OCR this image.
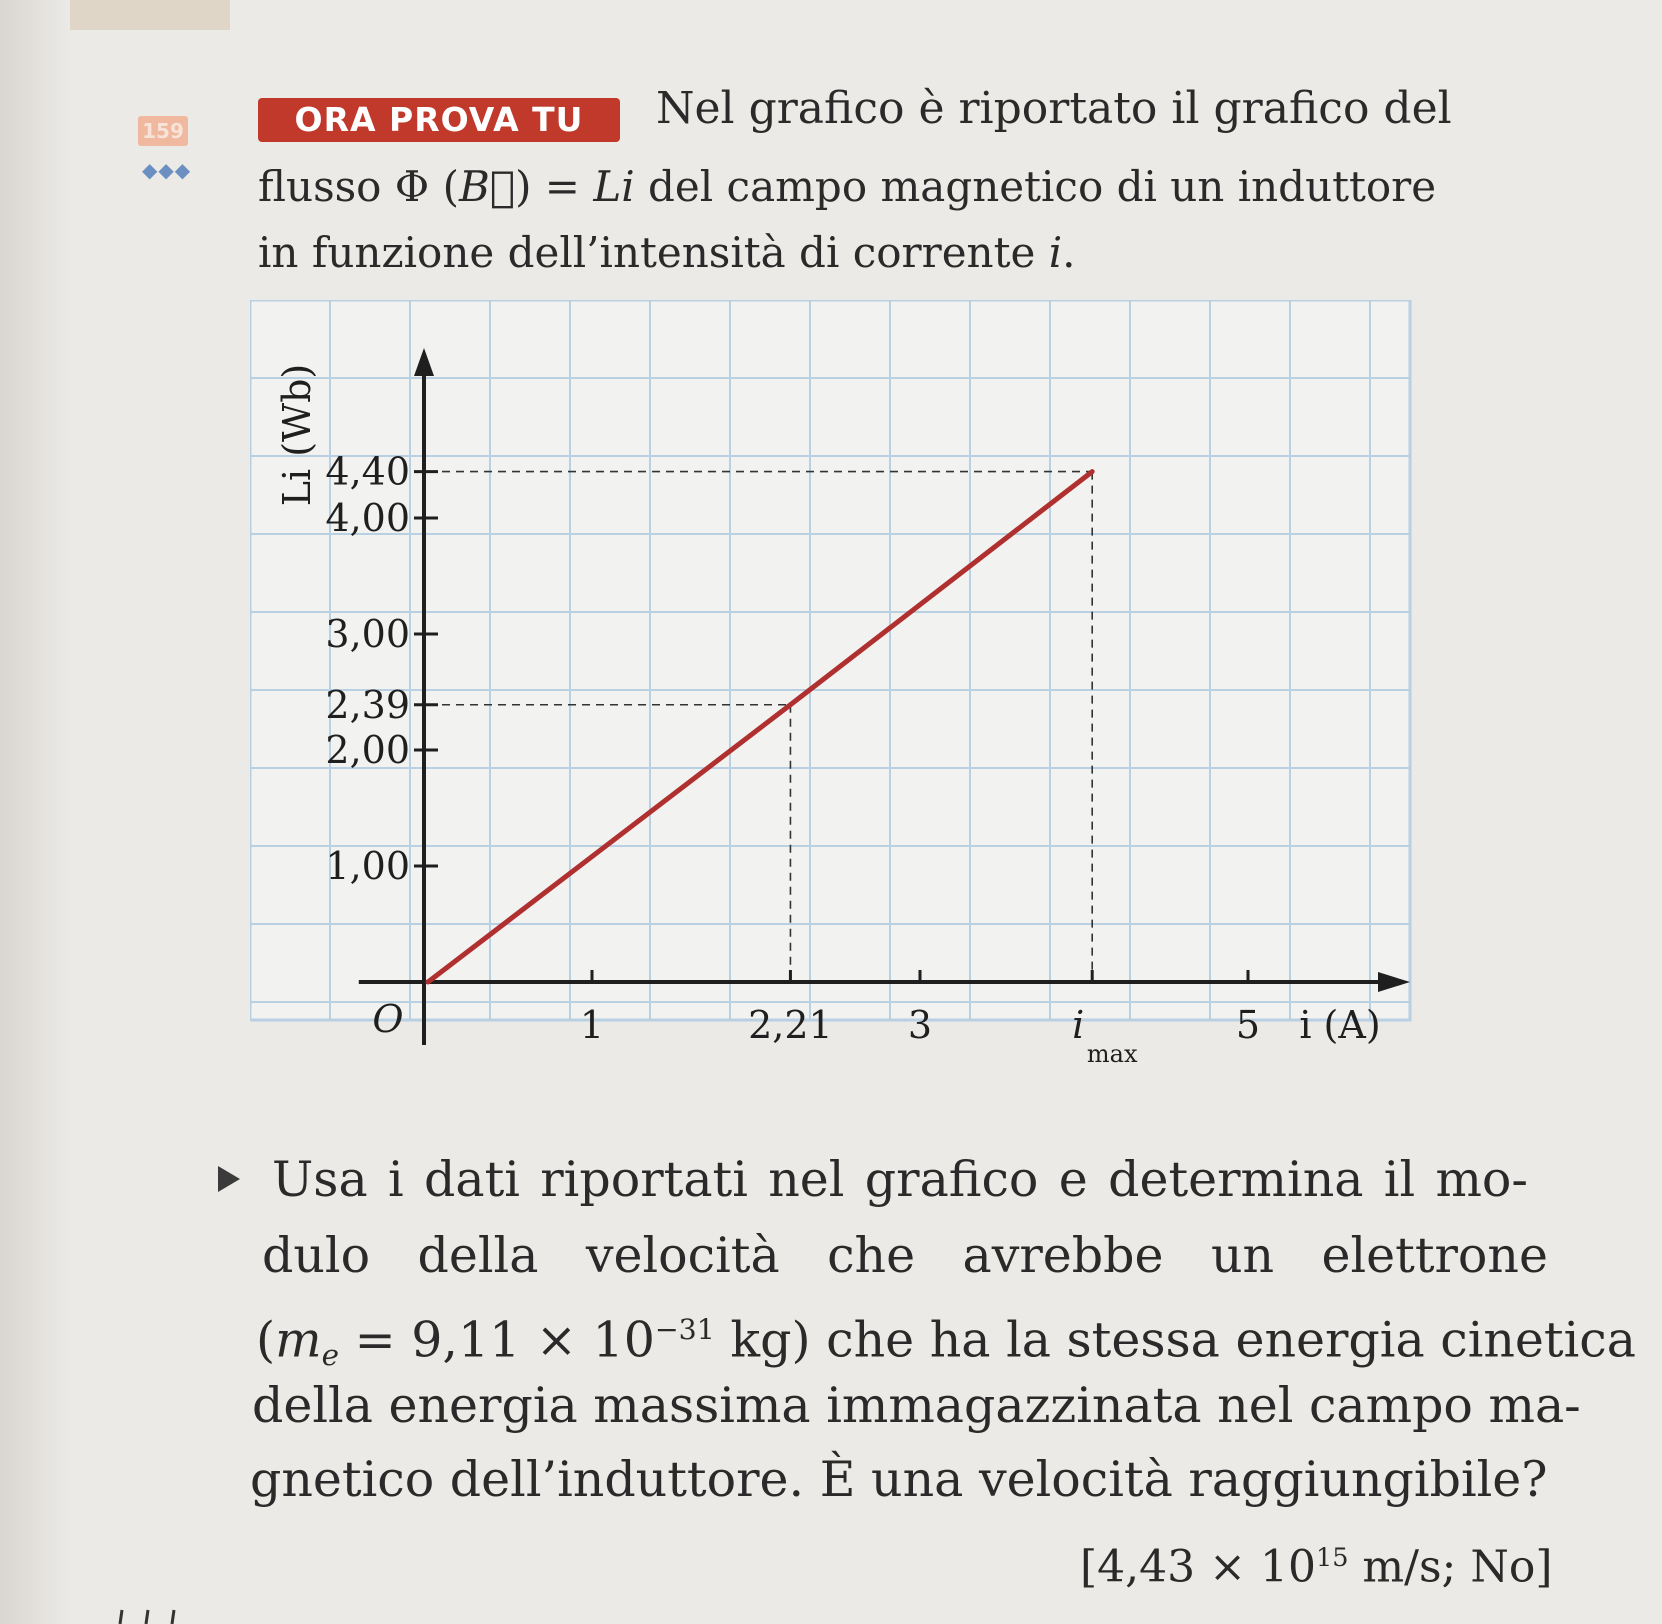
159
◆◆◆
ORA PROVA TU	Nel grafico è riportato il grafico del
flusso Φ (B⃗) = Li del campo magnetico di un induttore
in funzione dell’intensità di corrente i.
1	2,21 3	i
max
5
1,00
2,00
2,39
3,00
4,00
4,40
O	i (A)
Li (Wb)
Usa i dati riportati nel grafico e determina il mo-
dulo della velocità che avrebbe un elettrone
($me = 9,11 \times 10^{-31}$ kg) che ha la stessa energia cinetica
della energia massima immagazzinata nel campo ma-
gnetico dell’induttore. È una velocità raggiungibile?
[$4,43 \times 10^{15}$ m/s; No]
